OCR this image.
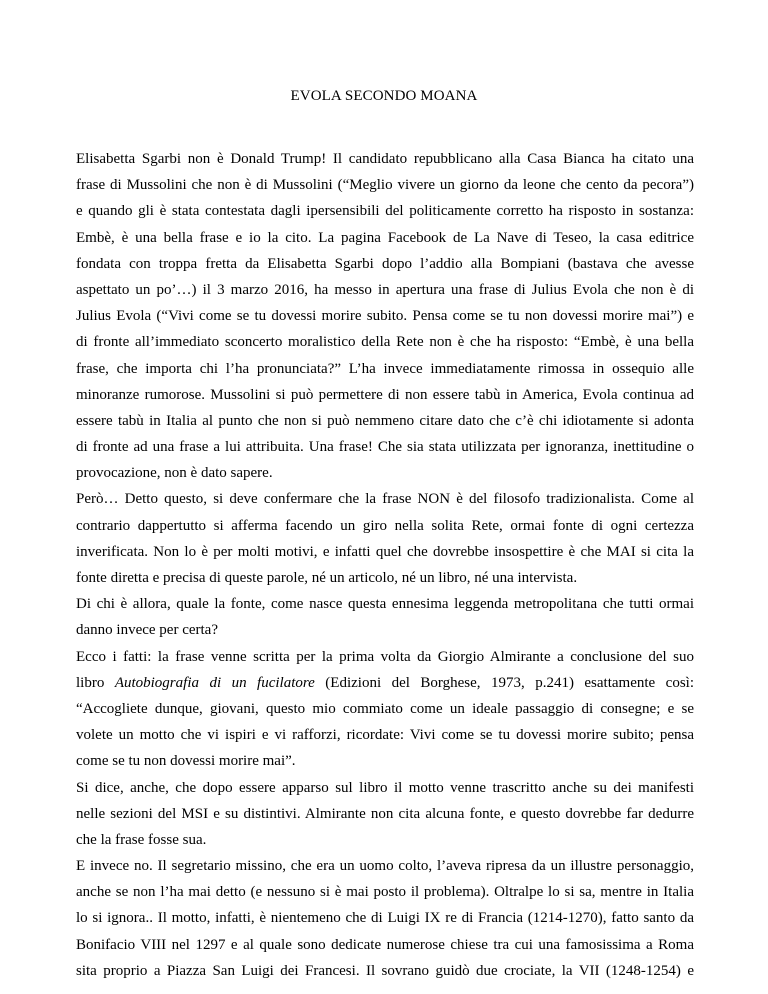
EVOLA SECONDO MOANA

Elisabetta Sgarbi non è Donald Trump! Il candidato repubblicano alla Casa Bianca ha citato una
frase di Mussolini che non è di Mussolini (“Meglio vivere un giorno da leone che cento da pecora”)
e quando gli è stata contestata dagli ipersensibili del politicamente corretto ha risposto in sostanza:
Embè, è una bella frase e io la cito. La pagina Facebook de La Nave di Teseo, la casa editrice
fondata con troppa fretta da Elisabetta Sgarbi dopo l’addio alla Bompiani (bastava che avesse
aspettato un po’…) il 3 marzo 2016, ha messo in apertura una frase di Julius Evola che non è di
Julius Evola (“Vivi come se tu dovessi morire subito. Pensa come se tu non dovessi morire mai”) e
di fronte all’immediato sconcerto moralistico della Rete non è che ha risposto: “Embè, è una bella
frase, che importa chi l’ha pronunciata?” L’ha invece immediatamente rimossa in ossequio alle
minoranze rumorose. Mussolini si può permettere di non essere tabù in America, Evola continua ad
essere tabù in Italia al punto che non si può nemmeno citare dato che c’è chi idiotamente si adonta
di fronte ad una frase a lui attribuita. Una frase! Che sia stata utilizzata per ignoranza, inettitudine o
provocazione, non è dato sapere.

Però… Detto questo, si deve confermare che la frase NON è del filosofo tradizionalista. Come al
contrario dappertutto si afferma facendo un giro nella solita Rete, ormai fonte di ogni certezza
inverificata. Non lo è per molti motivi, e infatti quel che dovrebbe insospettire è che MAI si cita la
fonte diretta e precisa di queste parole, né un articolo, né un libro, né una intervista.

Di chi è allora, quale la fonte, come nasce questa ennesima leggenda metropolitana che tutti ormai
danno invece per certa?

Ecco i fatti: la frase venne scritta per la prima volta da Giorgio Almirante a conclusione del suo
libro Autobiografia di un fucilatore (Edizioni del Borghese, 1973, p.241) esattamente così:
“Accogliete dunque, giovani, questo mio commiato come un ideale passaggio di consegne; e se
volete un motto che vi ispiri e vi rafforzi, ricordate: Vivi come se tu dovessi morire subito; pensa
come se tu non dovessi morire mai”.

Si dice, anche, che dopo essere apparso sul libro il motto venne trascritto anche su dei manifesti
nelle sezioni del MSI e su distintivi. Almirante non cita alcuna fonte, e questo dovrebbe far dedurre
che la frase fosse sua.

E invece no. Il segretario missino, che era un uomo colto, l’aveva ripresa da un illustre personaggio,
anche se non l’ha mai detto (e nessuno si è mai posto il problema). Oltralpe lo si sa, mentre in Italia
lo si ignora.. Il motto, infatti, è nientemeno che di Luigi IX re di Francia (1214-1270), fatto santo da
Bonifacio VIII nel 1297 e al quale sono dedicate numerose chiese tra cui una famosissima a Roma
sita proprio a Piazza San Luigi dei Francesi. Il sovrano guidò due crociate, la VII (1248-1254) e
